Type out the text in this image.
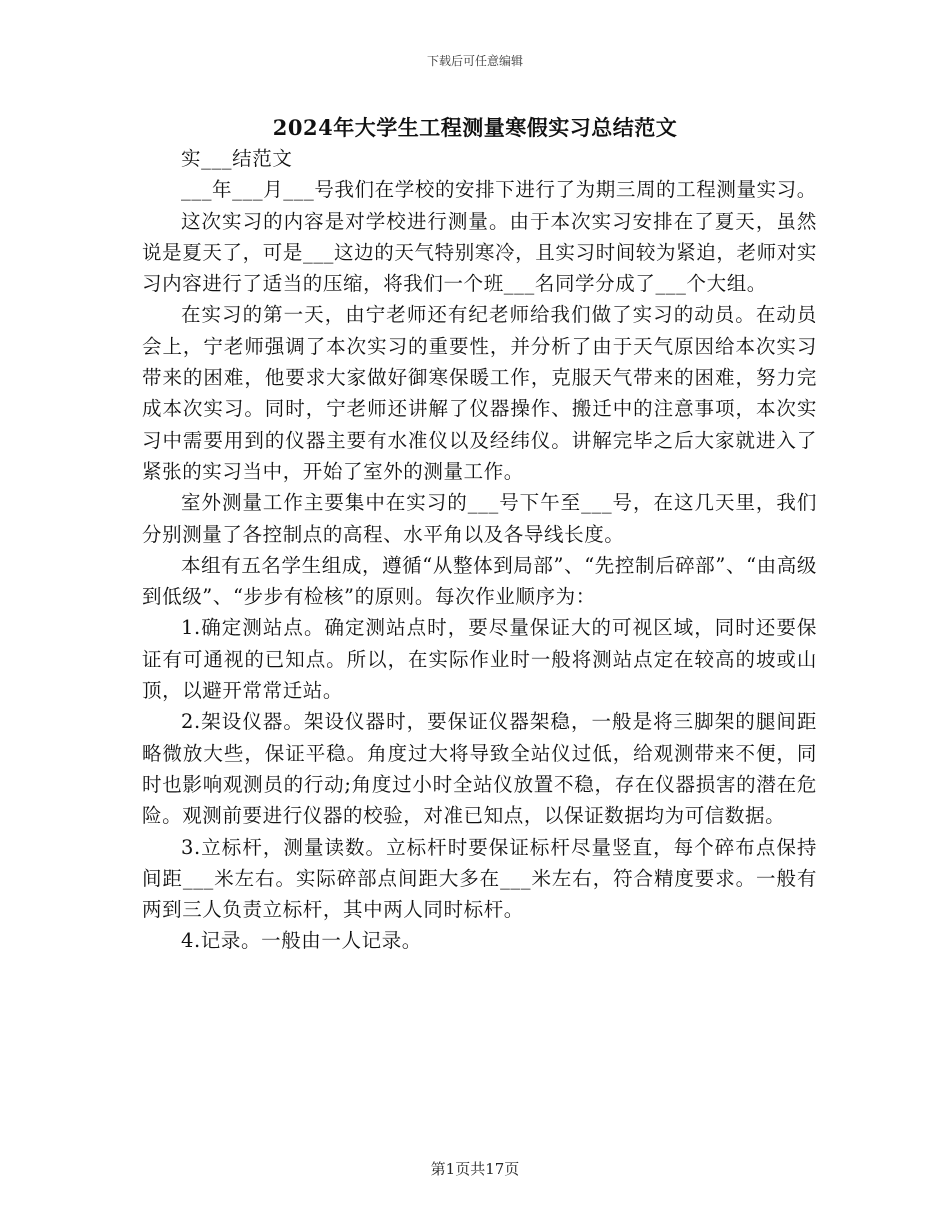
下载后可任意编辑
2024年大学生工程测量寒假实习总结范文

实___结范文

___年___月___号我们在学校的安排下进行了为期三周的工程测量实习。

这次实习的内容是对学校进行测量。由于本次实习安排在了夏天，虽然说是夏天了，可是___这边的天气特别寒冷，且实习时间较为紧迫，老师对实习内容进行了适当的压缩，将我们一个班___名同学分成了___个大组。

在实习的第一天，由宁老师还有纪老师给我们做了实习的动员。在动员会上，宁老师强调了本次实习的重要性，并分析了由于天气原因给本次实习带来的困难，他要求大家做好御寒保暖工作，克服天气带来的困难，努力完成本次实习。同时，宁老师还讲解了仪器操作、搬迁中的注意事项，本次实习中需要用到的仪器主要有水准仪以及经纬仪。讲解完毕之后大家就进入了紧张的实习当中，开始了室外的测量工作。

室外测量工作主要集中在实习的___号下午至___号，在这几天里，我们分别测量了各控制点的高程、水平角以及各导线长度。

本组有五名学生组成，遵循“从整体到局部”、“先控制后碎部”、“由高级到低级”、“步步有检核”的原则。每次作业顺序为：

1.确定测站点。确定测站点时，要尽量保证大的可视区域，同时还要保证有可通视的已知点。所以，在实际作业时一般将测站点定在较高的坡或山顶，以避开常常迁站。

2.架设仪器。架设仪器时，要保证仪器架稳，一般是将三脚架的腿间距略微放大些，保证平稳。角度过大将导致全站仪过低，给观测带来不便，同时也影响观测员的行动;角度过小时全站仪放置不稳，存在仪器损害的潜在危险。观测前要进行仪器的校验，对准已知点，以保证数据均为可信数据。

3.立标杆，测量读数。立标杆时要保证标杆尽量竖直，每个碎布点保持间距___米左右。实际碎部点间距大多在___米左右，符合精度要求。一般有两到三人负责立标杆，其中两人同时标杆。

4.记录。一般由一人记录。

第1页共17页
